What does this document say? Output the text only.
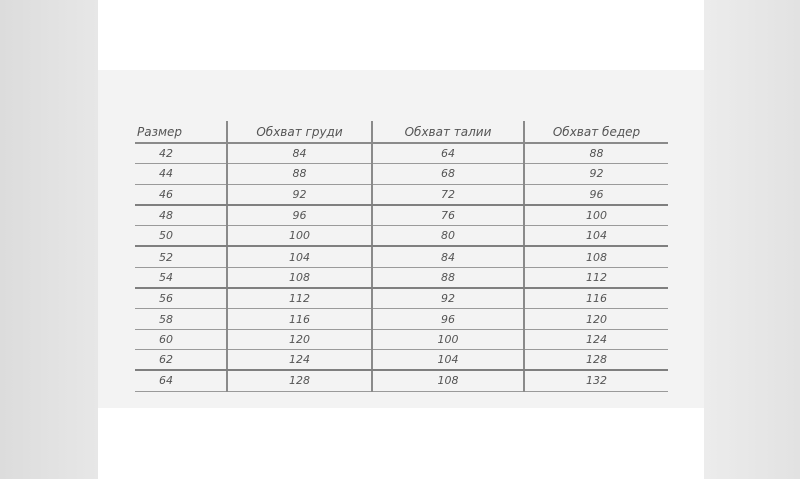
Размер	Обхват груди	Обхват талии	Обхват бедер
42	84	64	88
44	88	68	92
46	92	72	96
48	96	76	100
50	100	80	104
52	104	84	108
54	108	88	112
56	112	92	116
58	116	96	120
60	120	100	124
62	124	104	128
64	128	108	132
